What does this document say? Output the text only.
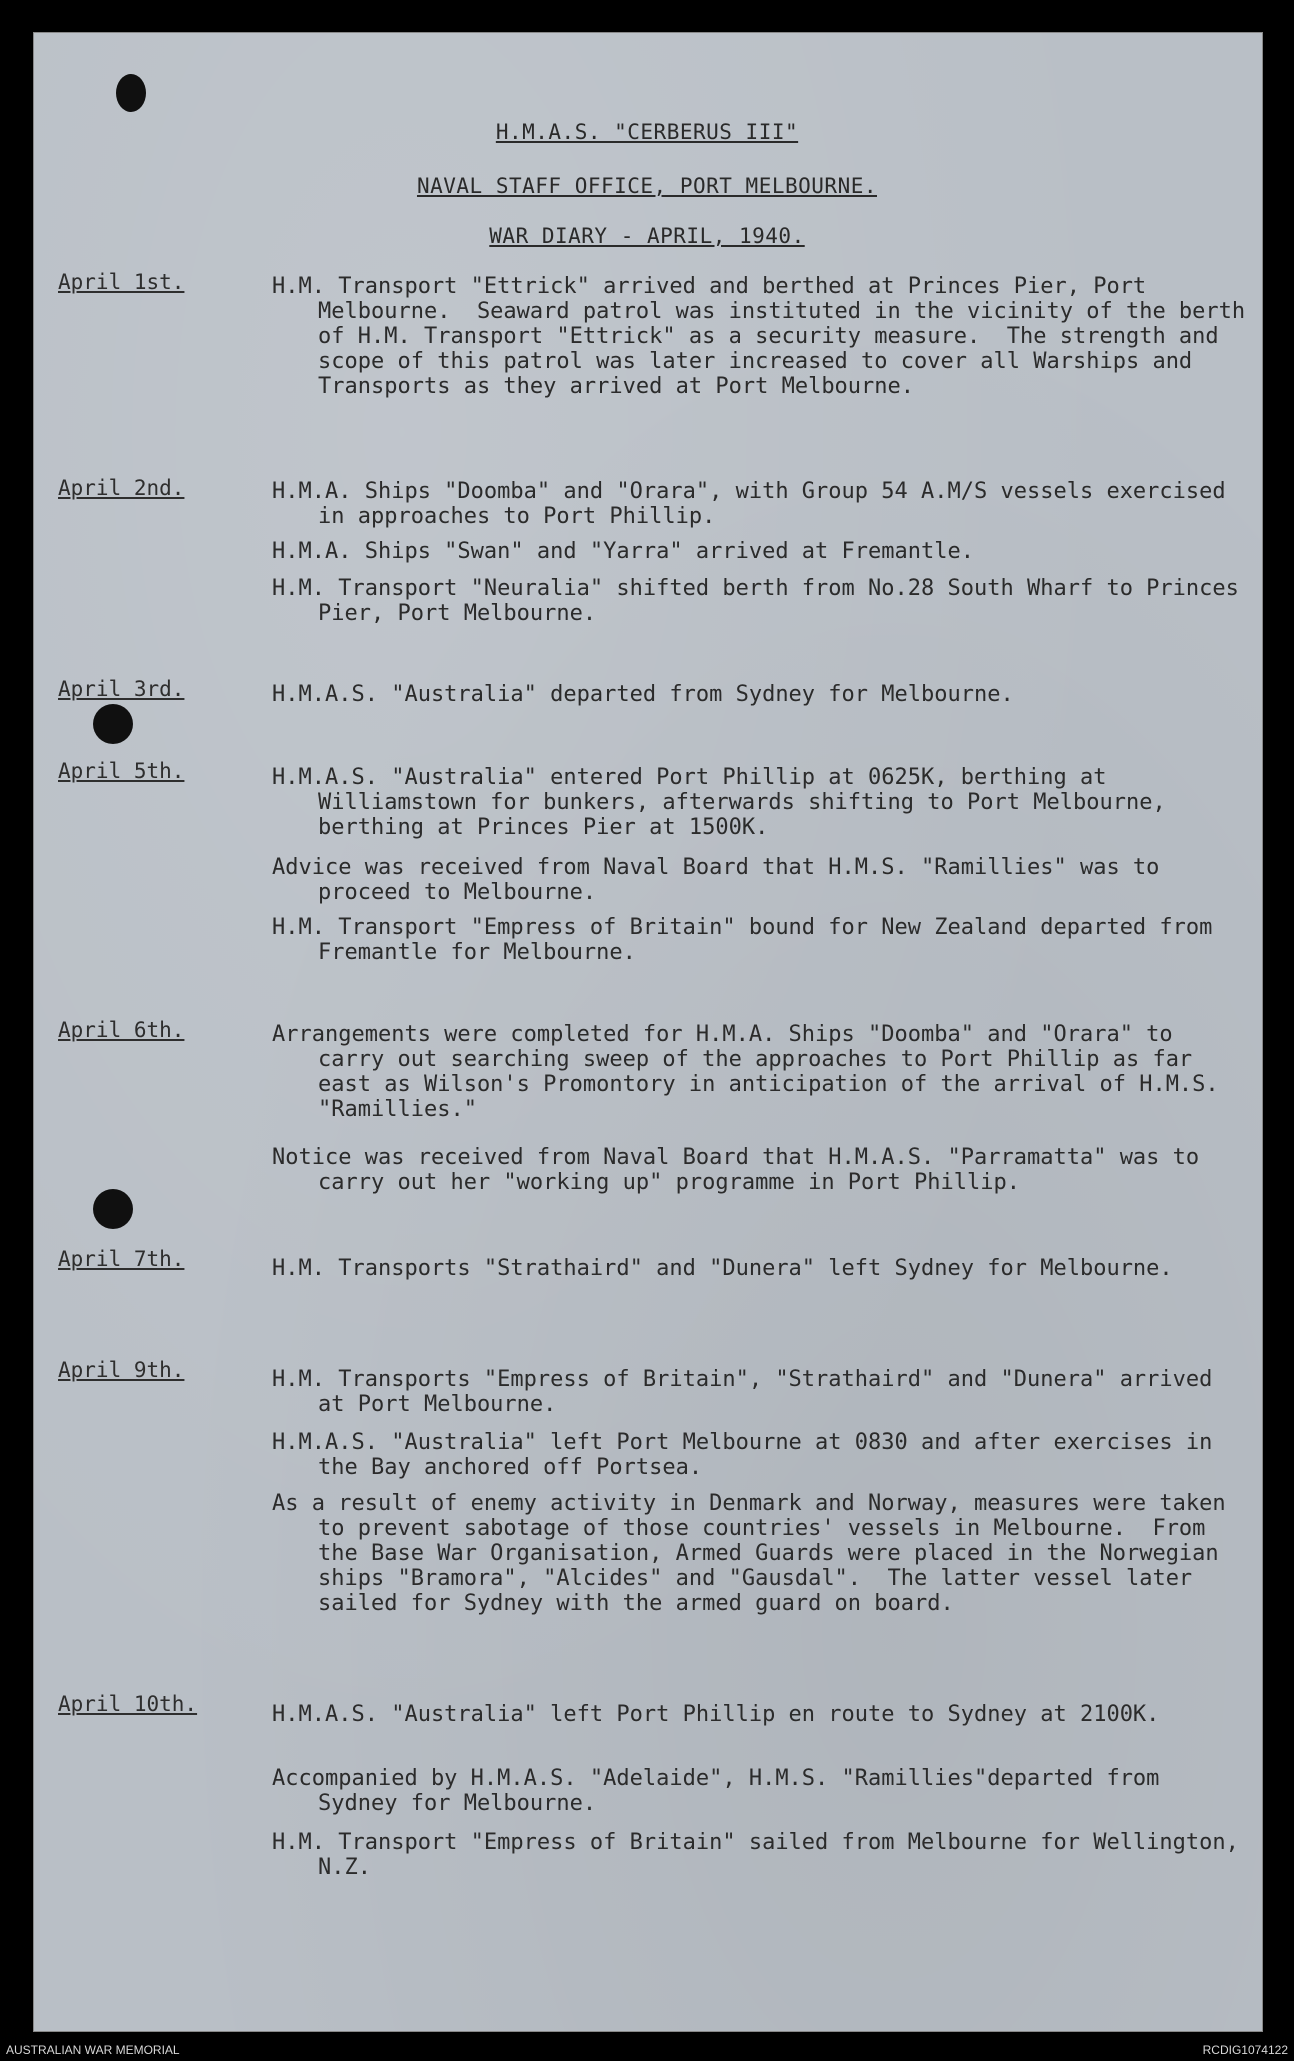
H.M.A.S. "CERBERUS III"
NAVAL STAFF OFFICE, PORT MELBOURNE.
WAR DIARY - APRIL, 1940.
April 1st.	H.M. Transport "Ettrick" arrived and berthed at Princes Pier, Port Melbourne.  Seaward patrol was instituted in the vicinity of the berth of H.M. Transport "Ettrick" as a security measure.  The strength and scope of this patrol was later increased to cover all Warships and Transports as they arrived at Port Melbourne.

April 2nd.	H.M.A. Ships "Doomba" and "Orara", with Group 54 A.M/S vessels exercised in approaches to Port Phillip.

H.M.A. Ships "Swan" and "Yarra" arrived at Fremantle.

H.M. Transport "Neuralia" shifted berth from No.28 South Wharf to Princes Pier, Port Melbourne.

April 3rd.	H.M.A.S. "Australia" departed from Sydney for Melbourne.

April 5th.	H.M.A.S. "Australia" entered Port Phillip at 0625K, berthing at Williamstown for bunkers, afterwards shifting to Port Melbourne, berthing at Princes Pier at 1500K.

Advice was received from Naval Board that H.M.S. "Ramillies" was to proceed to Melbourne.

H.M. Transport "Empress of Britain" bound for New Zealand departed from Fremantle for Melbourne.

April 6th.	Arrangements were completed for H.M.A. Ships "Doomba" and "Orara" to carry out searching sweep of the approaches to Port Phillip as far east as Wilson's Promontory in anticipation of the arrival of H.M.S. "Ramillies."

Notice was received from Naval Board that H.M.A.S. "Parramatta" was to carry out her "working up" programme in Port Phillip.

April 7th.	H.M. Transports "Strathaird" and "Dunera" left Sydney for Melbourne.

April 9th.	H.M. Transports "Empress of Britain", "Strathaird" and "Dunera" arrived at Port Melbourne.

H.M.A.S. "Australia" left Port Melbourne at 0830 and after exercises in the Bay anchored off Portsea.

As a result of enemy activity in Denmark and Norway, measures were taken to prevent sabotage of those countries' vessels in Melbourne.  From the Base War Organisation, Armed Guards were placed in the Norwegian ships "Bramora", "Alcides" and "Gausdal".  The latter vessel later sailed for Sydney with the armed guard on board.

April 10th.	H.M.A.S. "Australia" left Port Phillip en route to Sydney at 2100K.

Accompanied by H.M.A.S. "Adelaide", H.M.S. "Ramillies"departed from Sydney for Melbourne.

H.M. Transport "Empress of Britain" sailed from Melbourne for Wellington, N.Z.

AUSTRALIAN WAR MEMORIAL	RCDIG1074122
